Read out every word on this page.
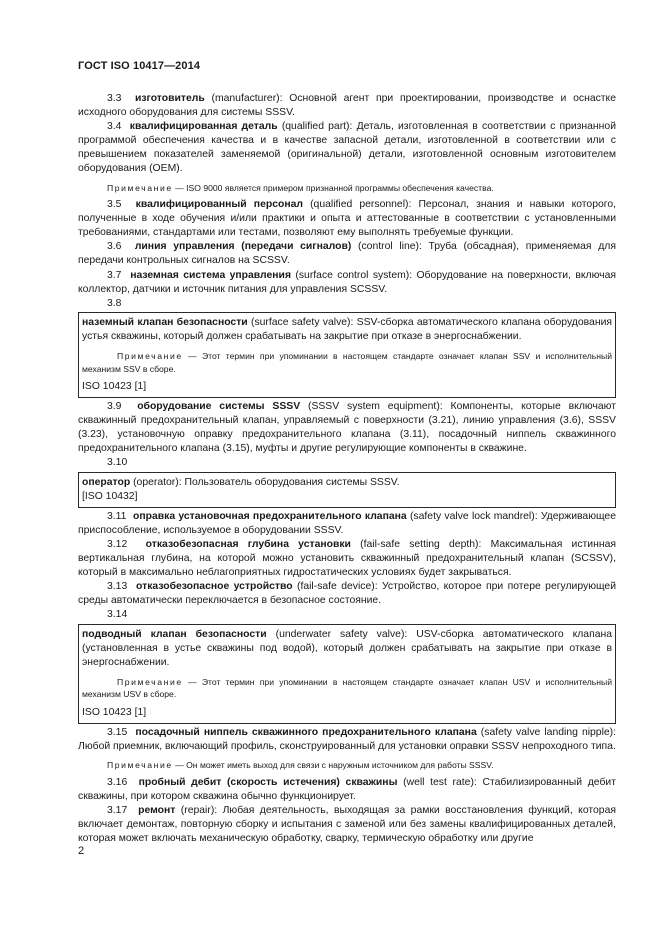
ГОСТ ISO 10417—2014

3.3 изготовитель (manufacturer): Основной агент при проектировании, производстве и оснастке исходного оборудования для системы SSSV.

3.4 квалифицированная деталь (qualified part): Деталь, изготовленная в соответствии с признанной программой обеспечения качества и в качестве запасной детали, изготовленной в соответствии или с превышением показателей заменяемой (оригинальной) детали, изготовленной основным изготовителем оборудования (OEM).

Примечание — ISO 9000 является примером признанной программы обеспечения качества.

3.5 квалифицированный персонал (qualified personnel): Персонал, знания и навыки которого, полученные в ходе обучения и/или практики и опыта и аттестованные в соответствии с установленными требованиями, стандартами или тестами, позволяют ему выполнять требуемые функции.

3.6 линия управления (передачи сигналов) (control line): Труба (обсадная), применяемая для передачи контрольных сигналов на SCSSV.

3.7 наземная система управления (surface control system): Оборудование на поверхности, включая коллектор, датчики и источник питания для управления SCSSV.

3.8

наземный клапан безопасности (surface safety valve): SSV-сборка автоматического клапана оборудования устья скважины, который должен срабатывать на закрытие при отказе в энергоснабжении.

Примечание — Этот термин при упоминании в настоящем стандарте означает клапан SSV и исполнительный механизм SSV в сборе.

ISO 10423 [1]

3.9 оборудование системы SSSV (SSSV system equipment): Компоненты, которые включают скважинный предохранительный клапан, управляемый с поверхности (3.21), линию управления (3.6), SSSV (3.23), установочную оправку предохранительного клапана (3.11), посадочный ниппель скважинного предохранительного клапана (3.15), муфты и другие регулирующие компоненты в скважине.

3.10

оператор (operator): Пользователь оборудования системы SSSV.

[ISO 10432]

3.11 оправка установочная предохранительного клапана (safety valve lock mandrel): Удерживающее приспособление, используемое в оборудовании SSSV.

3.12 отказобезопасная глубина установки (fail-safe setting depth): Максимальная истинная вертикальная глубина, на которой можно установить скважинный предохранительный клапан (SCSSV), который в максимально неблагоприятных гидростатических условиях будет закрываться.

3.13 отказобезопасное устройство (fail-safe device): Устройство, которое при потере регулирующей среды автоматически переключается в безопасное состояние.

3.14

подводный клапан безопасности (underwater safety valve): USV-сборка автоматического клапана (установленная в устье скважины под водой), который должен срабатывать на закрытие при отказе в энергоснабжении.

Примечание — Этот термин при упоминании в настоящем стандарте означает клапан USV и исполнительный механизм USV в сборе.

ISO 10423 [1]

3.15 посадочный ниппель скважинного предохранительного клапана (safety valve landing nipple): Любой приемник, включающий профиль, сконструированный для установки оправки SSSV непроходного типа.

Примечание — Он может иметь выход для связи с наружным источником для работы SSSV.

3.16 пробный дебит (скорость истечения) скважины (well test rate): Стабилизированный дебит скважины, при котором скважина обычно функционирует.

3.17 ремонт (repair): Любая деятельность, выходящая за рамки восстановления функций, которая включает демонтаж, повторную сборку и испытания с заменой или без замены квалифицированных деталей, которая может включать механическую обработку, сварку, термическую обработку или другие

2
